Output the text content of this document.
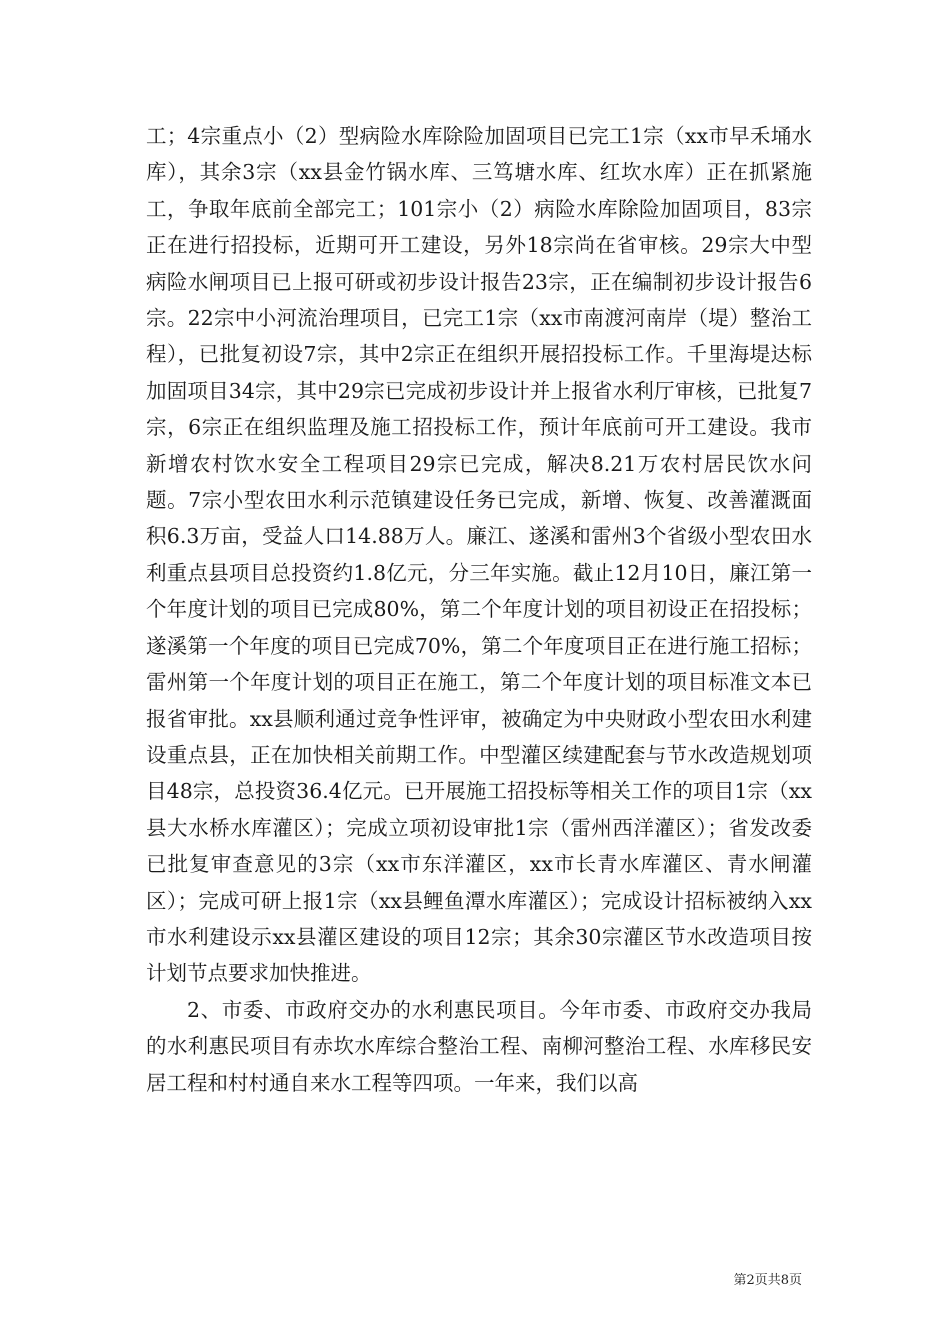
工；4宗重点小（2）型病险水库除险加固项目已完工1宗（xx市早禾埇水库），其余3宗（xx县金竹锅水库、三笃塘水库、红坎水库）正在抓紧施工，争取年底前全部完工；101宗小（2）病险水库除险加固项目，83宗正在进行招投标，近期可开工建设，另外18宗尚在省审核。29宗大中型病险水闸项目已上报可研或初步设计报告23宗，正在编制初步设计报告6宗。22宗中小河流治理项目，已完工1宗（xx市南渡河南岸（堤）整治工程），已批复初设7宗，其中2宗正在组织开展招投标工作。千里海堤达标加固项目34宗，其中29宗已完成初步设计并上报省水利厅审核，已批复7宗，6宗正在组织监理及施工招投标工作，预计年底前可开工建设。我市新增农村饮水安全工程项目29宗已完成，解决8.21万农村居民饮水问题。7宗小型农田水利示范镇建设任务已完成，新增、恢复、改善灌溉面积6.3万亩，受益人口14.88万人。廉江、遂溪和雷州3个省级小型农田水利重点县项目总投资约1.8亿元，分三年实施。截止12月10日，廉江第一个年度计划的项目已完成80%，第二个年度计划的项目初设正在招投标；遂溪第一个年度的项目已完成70%，第二个年度项目正在进行施工招标；雷州第一个年度计划的项目正在施工，第二个年度计划的项目标准文本已报省审批。xx县顺利通过竞争性评审，被确定为中央财政小型农田水利建设重点县，正在加快相关前期工作。中型灌区续建配套与节水改造规划项目48宗，总投资36.4亿元。已开展施工招投标等相关工作的项目1宗（xx县大水桥水库灌区）；完成立项初设审批1宗（雷州西洋灌区）；省发改委已批复审查意见的3宗（xx市东洋灌区，xx市长青水库灌区、青水闸灌区）；完成可研上报1宗（xx县鲤鱼潭水库灌区）；完成设计招标被纳入xx市水利建设示xx县灌区建设的项目12宗；其余30宗灌区节水改造项目按计划节点要求加快推进。

2、市委、市政府交办的水利惠民项目。今年市委、市政府交办我局的水利惠民项目有赤坎水库综合整治工程、南柳河整治工程、水库移民安居工程和村村通自来水工程等四项。一年来，我们以高

第2页共8页
